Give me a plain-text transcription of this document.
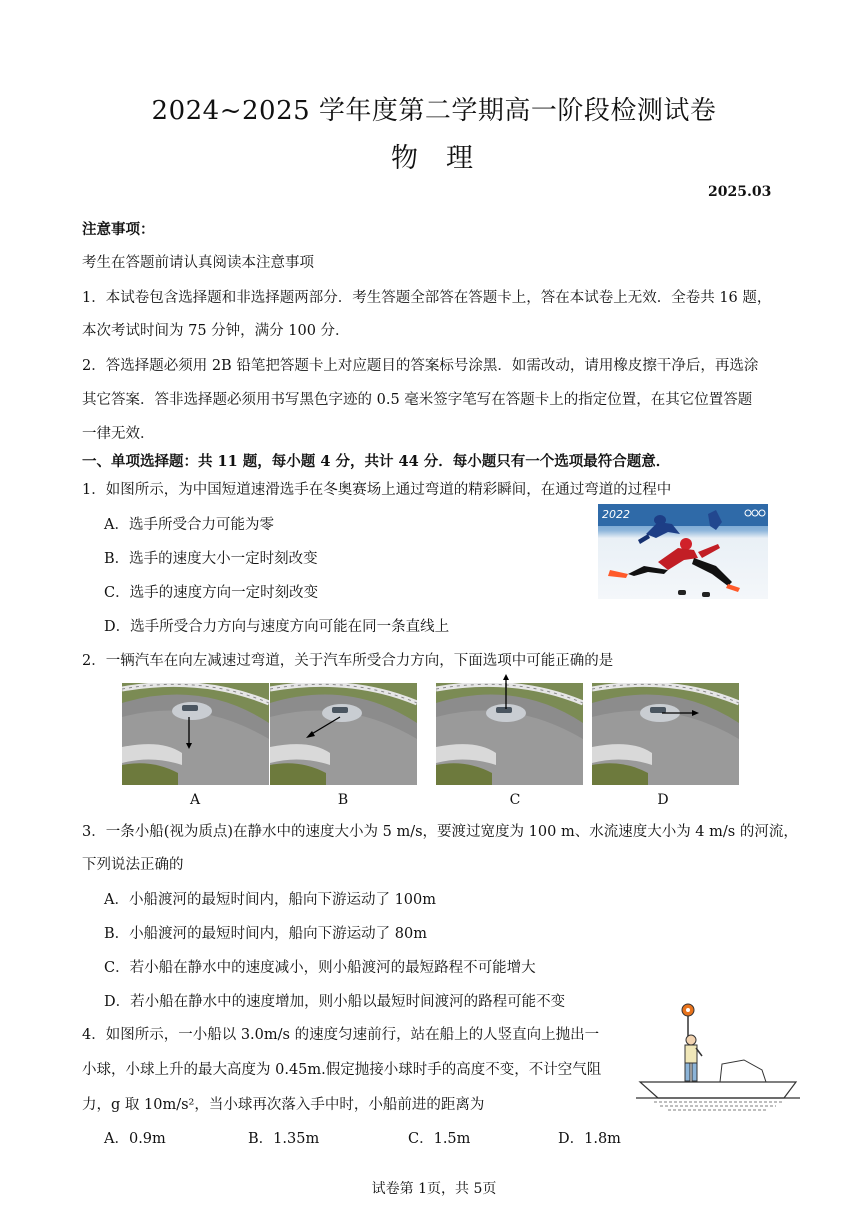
2024~2025 学年度第二学期高一阶段检测试卷
物理
2025.03
注意事项：
考生在答题前请认真阅读本注意事项
1．本试卷包含选择题和非选择题两部分．考生答题全部答在答题卡上，答在本试卷上无效．全卷共 16 题，
本次考试时间为 75 分钟，满分 100 分．
2．答选择题必须用 2B 铅笔把答题卡上对应题目的答案标号涂黑．如需改动，请用橡皮擦干净后，再选涂
其它答案．答非选择题必须用书写黑色字迹的 0.5 毫米签字笔写在答题卡上的指定位置，在其它位置答题
一律无效．
一、单项选择题：共 11 题，每小题 4 分，共计 44 分．每小题只有一个选项最符合题意．
1．如图所示，为中国短道速滑选手在冬奥赛场上通过弯道的精彩瞬间，在通过弯道的过程中
A．选手所受合力可能为零
B．选手的速度大小一定时刻改变
C．选手的速度方向一定时刻改变
D．选手所受合力方向与速度方向可能在同一条直线上
2022
2．一辆汽车在向左减速过弯道，关于汽车所受合力方向，下面选项中可能正确的是
A	B	C	D
3．一条小船(视为质点)在静水中的速度大小为 5 m/s，要渡过宽度为 100 m、水流速度大小为 4 m/s 的河流，
下列说法正确的
A．小船渡河的最短时间内，船向下游运动了 100m
B．小船渡河的最短时间内，船向下游运动了 80m
C．若小船在静水中的速度减小，则小船渡河的最短路程不可能增大
D．若小船在静水中的速度增加，则小船以最短时间渡河的路程可能不变
4．如图所示，一小船以 3.0m/s 的速度匀速前行，站在船上的人竖直向上抛出一
小球，小球上升的最大高度为 0.45m.假定抛接小球时手的高度不变，不计空气阻
力，g 取 10m/s²，当小球再次落入手中时，小船前进的距离为
A．0.9m	B．1.35m	C．1.5m	D．1.8m
试卷第 1页，共 5页
